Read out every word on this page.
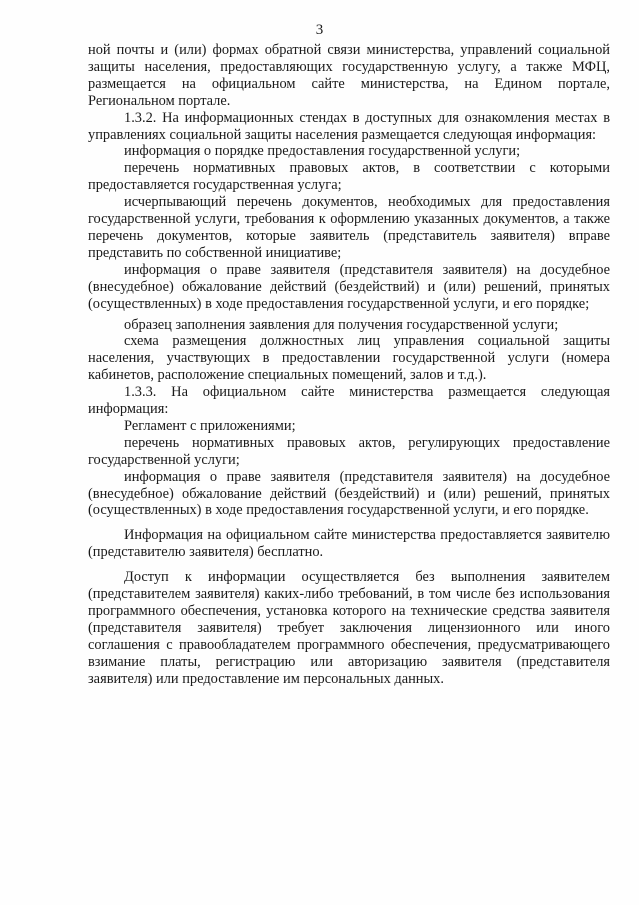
3

ной почты и (или) формах обратной связи министерства, управлений социальной защиты населения, предоставляющих государственную услугу, а также МФЦ, размещается на официальном сайте министерства, на Едином портале, Региональном портале.

1.3.2. На информационных стендах в доступных для ознакомления местах в управлениях социальной защиты населения размещается следующая информация:

информация о порядке предоставления государственной услуги;

перечень нормативных правовых актов, в соответствии с которыми предоставляется государственная услуга;

исчерпывающий перечень документов, необходимых для предоставления государственной услуги, требования к оформлению указанных документов, а также перечень документов, которые заявитель (представитель заявителя) вправе представить по собственной инициативе;

информация о праве заявителя (представителя заявителя) на досудебное (внесудебное) обжалование действий (бездействий) и (или) решений, принятых (осуществленных) в ходе предоставления государственной услуги, и его порядке;

образец заполнения заявления для получения государственной услуги;

схема размещения должностных лиц управления социальной защиты населения, участвующих в предоставлении государственной услуги (номера кабинетов, расположение специальных помещений, залов и т.д.).

1.3.3. На официальном сайте министерства размещается следующая информация:

Регламент с приложениями;

перечень нормативных правовых актов, регулирующих предоставление государственной услуги;

информация о праве заявителя (представителя заявителя) на досудебное (внесудебное) обжалование действий (бездействий) и (или) решений, принятых (осуществленных) в ходе предоставления государственной услуги, и его порядке.

Информация на официальном сайте министерства предоставляется заявителю (представителю заявителя) бесплатно.

Доступ к информации осуществляется без выполнения заявителем (представителем заявителя) каких-либо требований, в том числе без использования программного обеспечения, установка которого на технические средства заявителя (представителя заявителя) требует заключения лицензионного или иного соглашения с правообладателем программного обеспечения, предусматривающего взимание платы, регистрацию или авторизацию заявителя (представителя заявителя) или предоставление им персональных данных.
